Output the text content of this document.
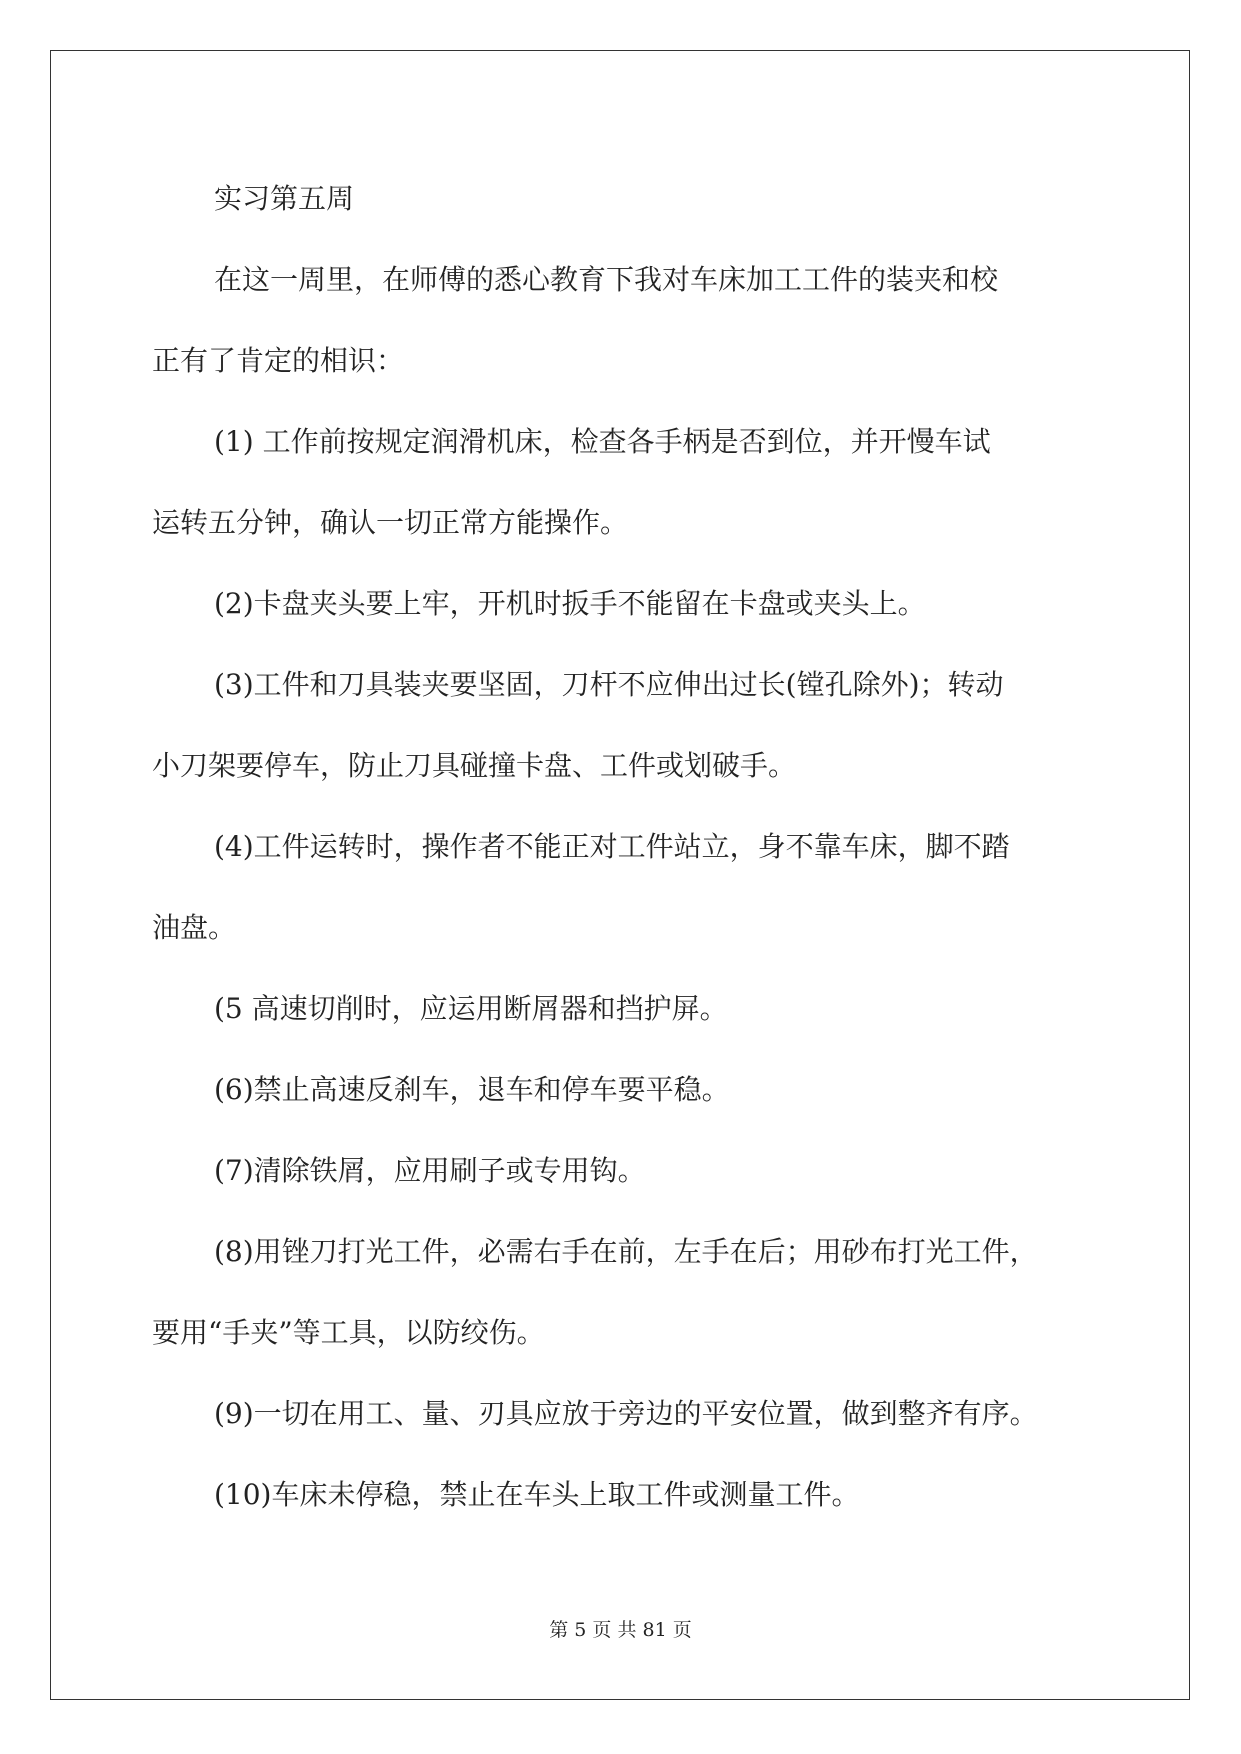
实习第五周
在这一周里，在师傅的悉心教育下我对车床加工工件的装夹和校
正有了肯定的相识：
(1) 工作前按规定润滑机床，检查各手柄是否到位，并开慢车试
运转五分钟，确认一切正常方能操作。
(2)卡盘夹头要上牢，开机时扳手不能留在卡盘或夹头上。
(3)工件和刀具装夹要坚固，刀杆不应伸出过长(镗孔除外)；转动
小刀架要停车，防止刀具碰撞卡盘、工件或划破手。
(4)工件运转时，操作者不能正对工件站立，身不靠车床，脚不踏
油盘。
(5 高速切削时，应运用断屑器和挡护屏。
(6)禁止高速反刹车，退车和停车要平稳。
(7)清除铁屑，应用刷子或专用钩。
(8)用锉刀打光工件，必需右手在前，左手在后；用砂布打光工件，
要用“手夹”等工具，以防绞伤。
(9)一切在用工、量、刃具应放于旁边的平安位置，做到整齐有序。
(10)车床未停稳，禁止在车头上取工件或测量工件。
第 5 页 共 81 页
